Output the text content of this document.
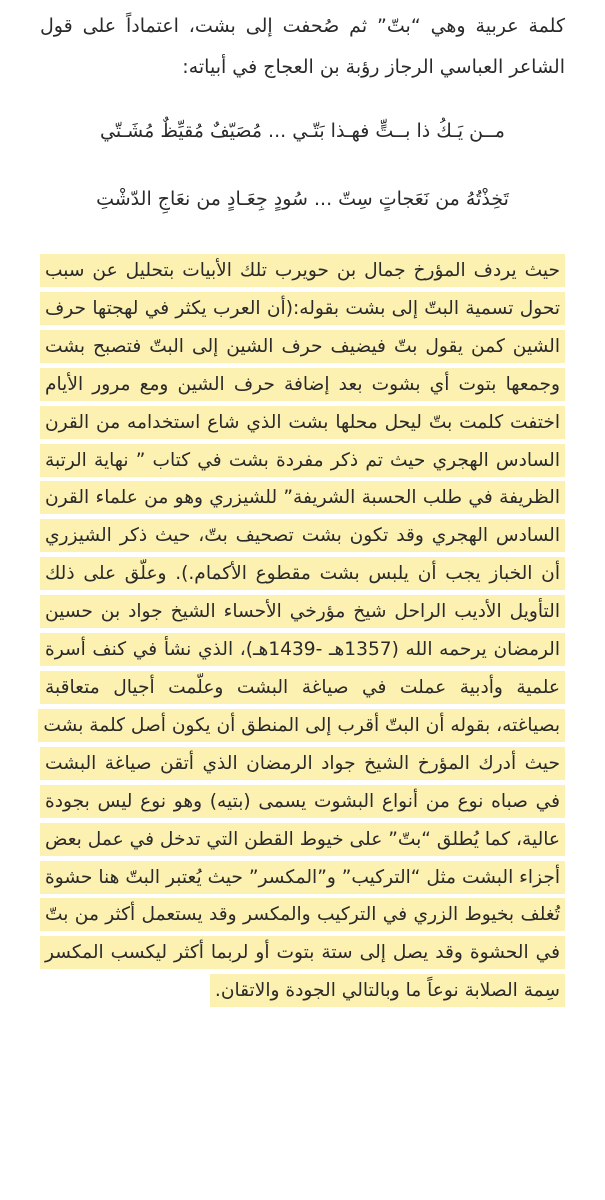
كلمة عربية وهي “بتّ” ثم صُحفت إلى بشت، اعتماداً على قول الشاعر العباسي الرجاز رؤبة بن العجاج في أبياته:

مــن يَـكُ ذا بــتٍّ فهـذا بَتّـي ... مُصَيّفٌ مُقيِّظٌ مُشَـتّي

تَخِذْتُهُ من نَعَجاتٍ سِتّ ... سُودٍ جِعَـادٍ من نعَاجِ الدّشْتِ

حيث يردف المؤرخ جمال بن حويرب تلك الأبيات بتحليل عن سبب تحول تسمية البتّ إلى بشت بقوله:(أن العرب يكثر في لهجتها حرف الشين كمن يقول بتّ فيضيف حرف الشين إلى البتّ فتصبح بشت وجمعها بتوت أي بشوت بعد إضافة حرف الشين ومع مرور الأيام اختفت كلمت بتّ ليحل محلها بشت الذي شاع استخدامه من القرن السادس الهجري حيث تم ذكر مفردة بشت في كتاب ” نهاية الرتبة الظريفة في طلب الحسبة الشريفة” للشيزري وهو من علماء القرن السادس الهجري وقد تكون بشت تصحيف بتّ، حيث ذكر الشيزري أن الخباز يجب أن يلبس بشت مقطوع الأكمام.). وعلّق على ذلك التأويل الأديب الراحل شيخ مؤرخي الأحساء الشيخ جواد بن حسين الرمضان يرحمه الله (1357هـ -1439هـ)، الذي نشأ في كنف أسرة علمية وأدبية عملت في صياغة البشت وعلّمت أجيال متعاقبة بصياغته، بقوله أن البتّ أقرب إلى المنطق أن يكون أصل كلمة بشت حيث أدرك المؤرخ الشيخ جواد الرمضان الذي أتقن صياغة البشت في صباه نوع من أنواع البشوت يسمى (بتيه) وهو نوع ليس بجودة عالية، كما يُطلق “بتّ” على خيوط القطن التي تدخل في عمل بعض أجزاء البشت مثل “التركيب” و”المكسر” حيث يُعتبر البتّ هنا حشوة تُغلف بخيوط الزري في التركيب والمكسر وقد يستعمل أكثر من بتّ في الحشوة وقد يصل إلى ستة بتوت أو لربما أكثر ليكسب المكسر سِمة الصلابة نوعاً ما وبالتالي الجودة والاتقان.
